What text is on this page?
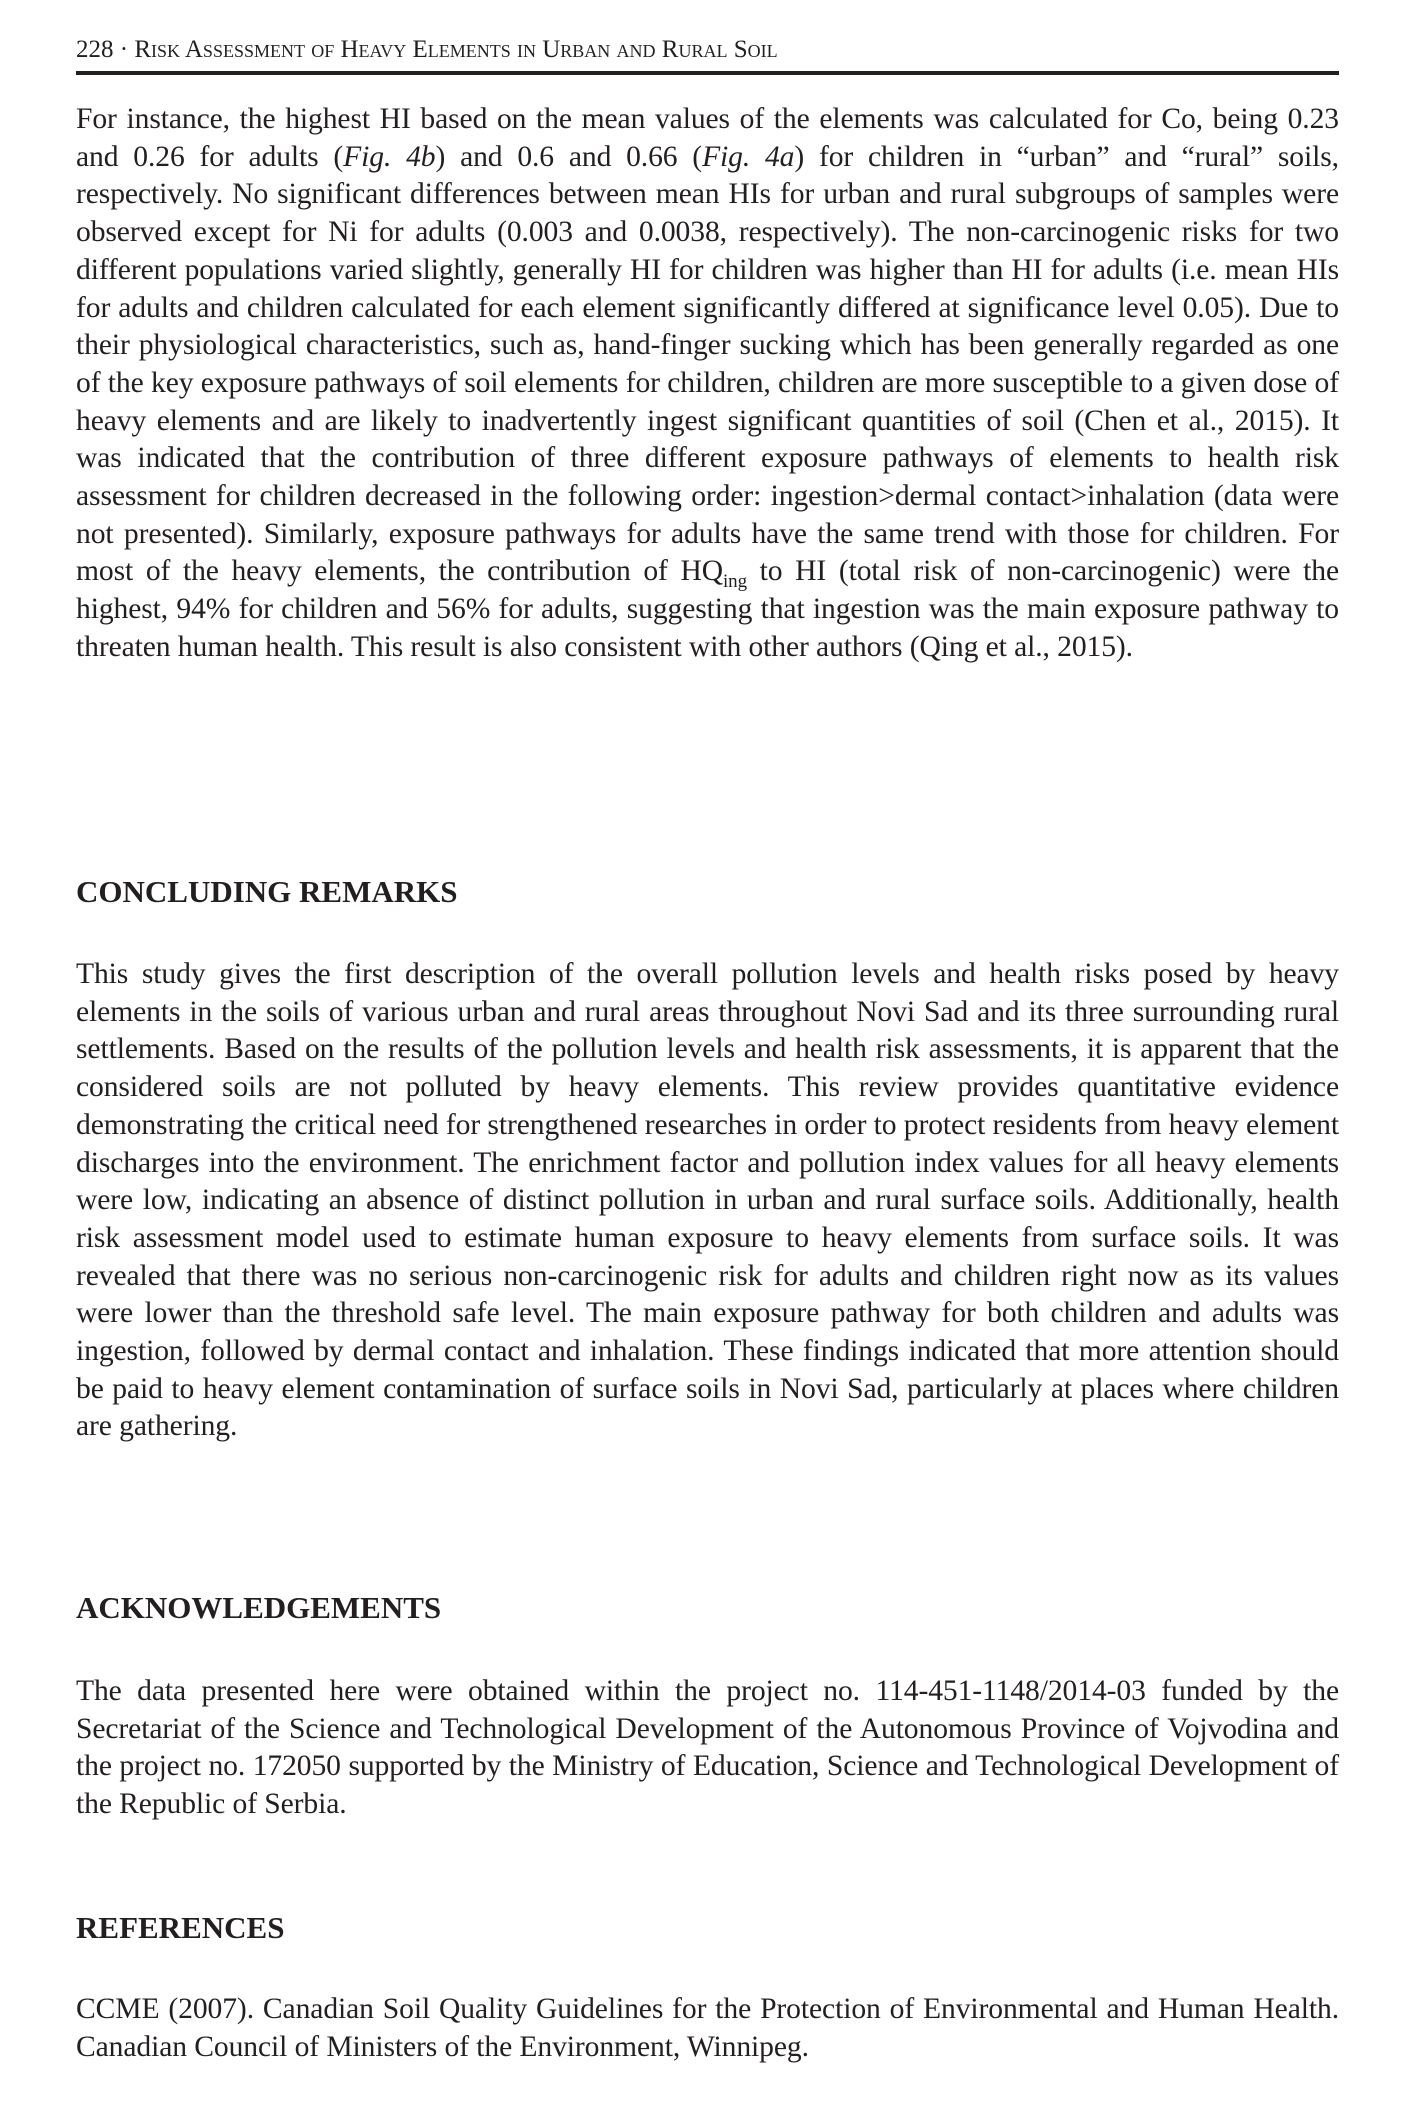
228 · Risk Assessment of Heavy Elements in Urban and Rural Soil

For instance, the highest HI based on the mean values of the elements was calculated for Co, being 0.23 and 0.26 for adults (Fig. 4b) and 0.6 and 0.66 (Fig. 4a) for children in “urban” and “rural” soils, respectively. No significant differences between mean HIs for urban and rural subgroups of samples were observed except for Ni for adults (0.003 and 0.0038, respectively). The non-carcinogenic risks for two different populations varied slightly, generally HI for children was higher than HI for adults (i.e. mean HIs for adults and children calculated for each element significantly differed at significance level 0.05). Due to their physiological characteristics, such as, hand-finger sucking which has been generally regarded as one of the key exposure pathways of soil elements for children, children are more susceptible to a given dose of heavy elements and are likely to inadvertently ingest significant quantities of soil (Chen et al., 2015). It was indicated that the contribution of three different exposure pathways of elements to health risk assessment for children decreased in the following order: ingestion>dermal contact>inhalation (data were not presented). Similarly, exposure pathways for adults have the same trend with those for children. For most of the heavy elements, the contribution of $HQ_{ing}$ to HI (total risk of non-carcinogenic) were the highest, 94% for children and 56% for adults, suggesting that ingestion was the main exposure pathway to threaten human health. This result is also consistent with other authors (Qing et al., 2015).

CONCLUDING REMARKS

This study gives the first description of the overall pollution levels and health risks posed by heavy elements in the soils of various urban and rural areas throughout Novi Sad and its three surrounding rural settlements. Based on the results of the pollution levels and health risk assessments, it is apparent that the considered soils are not polluted by heavy elements. This review provides quantitative evidence demonstrating the critical need for strengthened researches in order to protect residents from heavy element discharges into the environment. The enrichment factor and pollution index values for all heavy elements were low, indicating an absence of distinct pollution in urban and rural surface soils. Additionally, health risk assessment model used to estimate human exposure to heavy elements from surface soils. It was revealed that there was no serious non-carcinogenic risk for adults and children right now as its values were lower than the threshold safe level. The main exposure pathway for both children and adults was ingestion, followed by dermal contact and inhalation. These findings indicated that more attention should be paid to heavy element contamination of surface soils in Novi Sad, particularly at places where children are gathering.

ACKNOWLEDGEMENTS

The data presented here were obtained within the project no. 114-451-1148/2014-03 funded by the Secretariat of the Science and Technological Development of the Autonomous Province of Vojvodina and the project no. 172050 supported by the Ministry of Education, Science and Technological Development of the Republic of Serbia.

REFERENCES

CCME (2007). Canadian Soil Quality Guidelines for the Protection of Environmental and Human Health. Canadian Council of Ministers of the Environment, Winnipeg.
